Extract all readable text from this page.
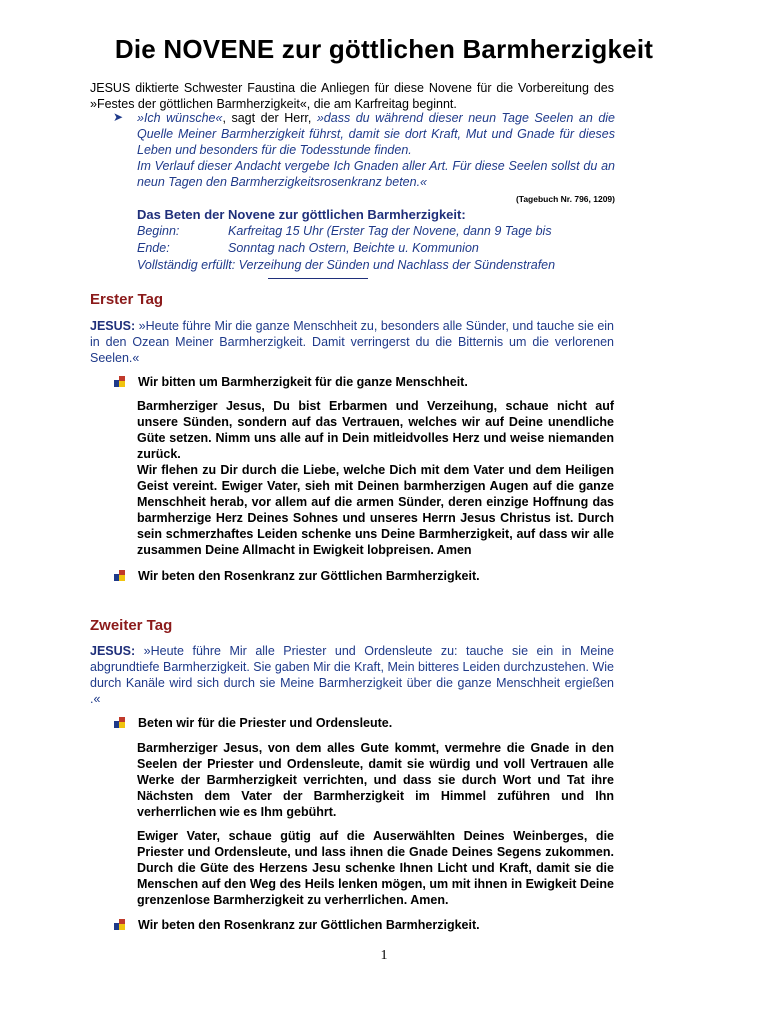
Die NOVENE zur göttlichen Barmherzigkeit

JESUS diktierte Schwester Faustina die Anliegen für diese Novene für die Vorbereitung des »Festes der göttlichen Barmherzigkeit«, die am Karfreitag beginnt.

➤ »Ich wünsche«, sagt der Herr, »dass du während dieser neun Tage Seelen an die Quelle Meiner Barmherzigkeit führst, damit sie dort Kraft, Mut und Gnade für dieses Leben und besonders für die Todesstunde finden.
Im Verlauf dieser Andacht vergebe Ich Gnaden aller Art. Für diese Seelen sollst du an neun Tagen den Barmherzigkeitsrosenkranz beten.«

(Tagebuch Nr. 796, 1209)

Das Beten der Novene zur göttlichen Barmherzigkeit:

Beginn:	Karfreitag 15 Uhr (Erster Tag der Novene, dann 9 Tage bis

Ende:	Sonntag nach Ostern, Beichte u. Kommunion

Vollständig erfüllt: Verzeihung der Sünden und Nachlass der Sündenstrafen

Erster Tag

JESUS: »Heute führe Mir die ganze Menschheit zu, besonders alle Sünder, und tauche sie ein in den Ozean Meiner Barmherzigkeit. Damit verringerst du die Bitternis um die verlorenen Seelen.«

Wir bitten um Barmherzigkeit für die ganze Menschheit.

Barmherziger Jesus, Du bist Erbarmen und Verzeihung, schaue nicht auf unsere Sünden, sondern auf das Vertrauen, welches wir auf Deine unendliche Güte setzen. Nimm uns alle auf in Dein mitleidvolles Herz und weise niemanden zurück.

Wir flehen zu Dir durch die Liebe, welche Dich mit dem Vater und dem Heiligen Geist vereint. Ewiger Vater, sieh mit Deinen barmherzigen Augen auf die ganze Menschheit herab, vor allem auf die armen Sünder, deren einzige Hoffnung das barmherzige Herz Deines Sohnes und unseres Herrn Jesus Christus ist. Durch sein schmerzhaftes Leiden schenke uns Deine Barmherzigkeit, auf dass wir alle zusammen Deine Allmacht in Ewigkeit lobpreisen. Amen

Wir beten den Rosenkranz zur Göttlichen Barmherzigkeit.
Zweiter Tag

JESUS: »Heute führe Mir alle Priester und Ordensleute zu: tauche sie ein in Meine abgrundtiefe Barmherzigkeit. Sie gaben Mir die Kraft, Mein bitteres Leiden durchzustehen. Wie durch Kanäle wird sich durch sie Meine Barmherzigkeit über die ganze Menschheit ergießen .«

Beten wir für die Priester und Ordensleute.

Barmherziger Jesus, von dem alles Gute kommt, vermehre die Gnade in den Seelen der Priester und Ordensleute, damit sie würdig und voll Vertrauen alle Werke der Barmherzigkeit verrichten, und dass sie durch Wort und Tat ihre Nächsten dem Vater der Barmherzigkeit im Himmel zuführen und Ihn verherrlichen wie es Ihm gebührt.

Ewiger Vater, schaue gütig auf die Auserwählten Deines Weinberges, die Priester und Ordensleute, und lass ihnen die Gnade Deines Segens zukommen. Durch die Güte des Herzens Jesu schenke Ihnen Licht und Kraft, damit sie die Menschen auf den Weg des Heils lenken mögen, um mit ihnen in Ewigkeit Deine grenzenlose Barmherzigkeit zu verherrlichen. Amen.

Wir beten den Rosenkranz zur Göttlichen Barmherzigkeit.
1
